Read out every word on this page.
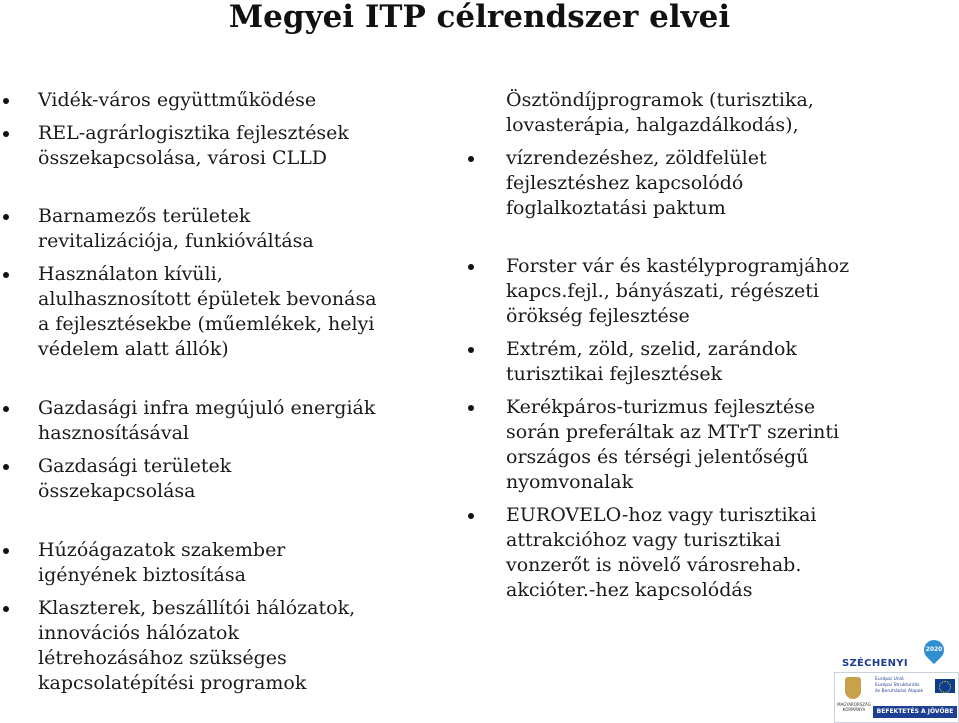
Megyei ITP célrendszer elvei
Vidék-város együttműködése
REL-agrárlogisztika fejlesztések
összekapcsolása, városi CLLD
Barnamezős területek
revitalizációja, funkióváltása
Használaton kívüli,
alulhasznosított épületek bevonása
a fejlesztésekbe (műemlékek, helyi
védelem alatt állók)
Gazdasági infra megújuló energiák
hasznosításával
Gazdasági területek
összekapcsolása
Húzóágazatok szakember
igényének biztosítása
Klaszterek, beszállítói hálózatok,
innovációs hálózatok
létrehozásához szükséges
kapcsolatépítési programok
Ösztöndíjprogramok (turisztika,
lovasterápia, halgazdálkodás),
vízrendezéshez, zöldfelület
fejlesztéshez kapcsolódó
foglalkoztatási paktum
Forster vár és kastélyprogramjához
kapcs.fejl., bányászati, régészeti
örökség fejlesztése
Extrém, zöld, szelid, zarándok
turisztikai fejlesztések
Kerékpáros-turizmus fejlesztése
során preferáltak az MTrT szerinti
országos és térségi jelentőségű
nyomvonalak
EUROVELO-hoz vagy turisztikai
attrakcióhoz vagy turisztikai
vonzerőt is növelő városrehab.
akcióter.-hez kapcsolódás
SZÉCHENYI
2020
MAGYARORSZÁG KORMÁNYA
Európai Unió
Európai Strukturális
és Beruházási Alapok
BEFEKTETÉS A JÖVŐBE
